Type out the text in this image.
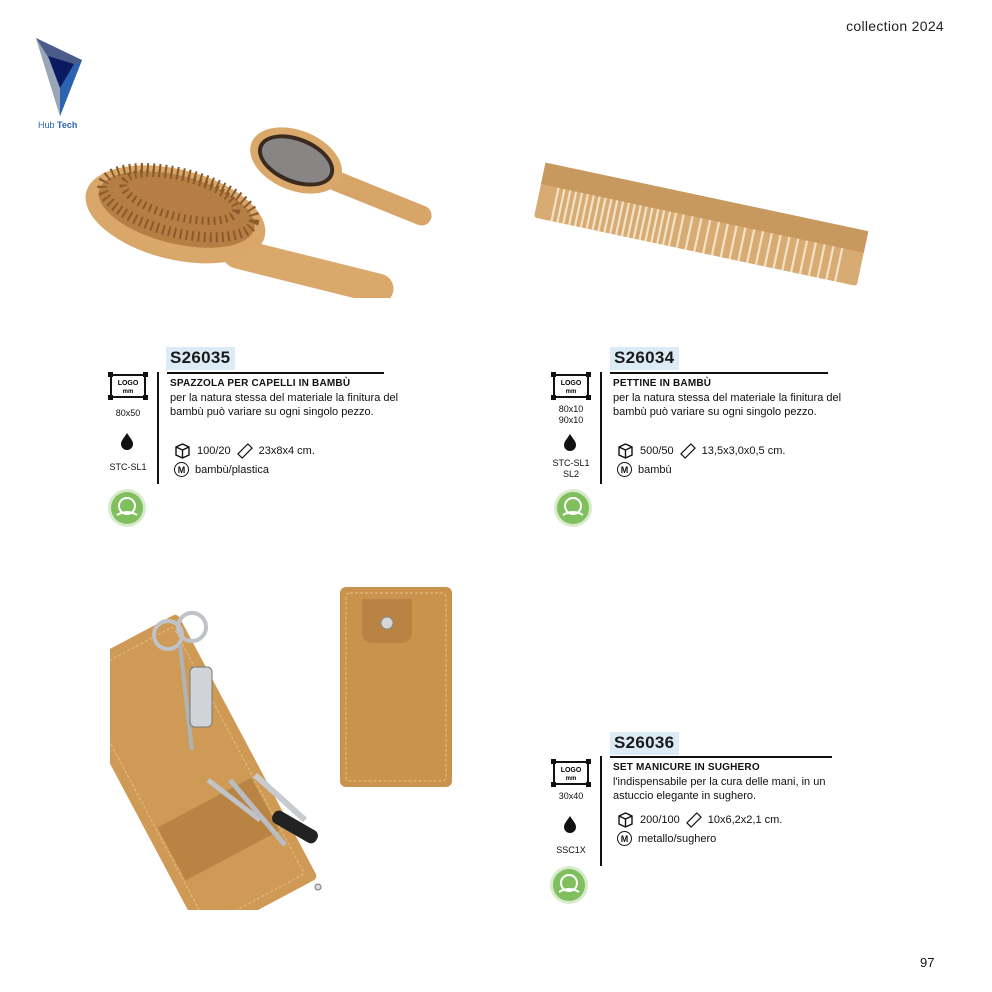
collection 2024
Hub Tech
S26035
LOGO
mm
80x50
STC-SL1
SPAZZOLA PER CAPELLI IN BAMBÙ
per la natura stessa del materiale la finitura del bambù può variare su ogni singolo pezzo.
100/20	23x8x4 cm.
M bambù/plastica
S26034
LOGO
mm
80x10
90x10
STC-SL1
SL2
PETTINE IN BAMBÙ
per la natura stessa del materiale la finitura del bambù può variare su ogni singolo pezzo.
500/50	13,5x3,0x0,5 cm.
M bambù
S26036
LOGO
mm
30x40
SSC1X
SET MANICURE IN SUGHERO
l'indispensabile per la cura delle mani, in un astuccio elegante in sughero.
200/100	10x6,2x2,1 cm.
M metallo/sughero
97
